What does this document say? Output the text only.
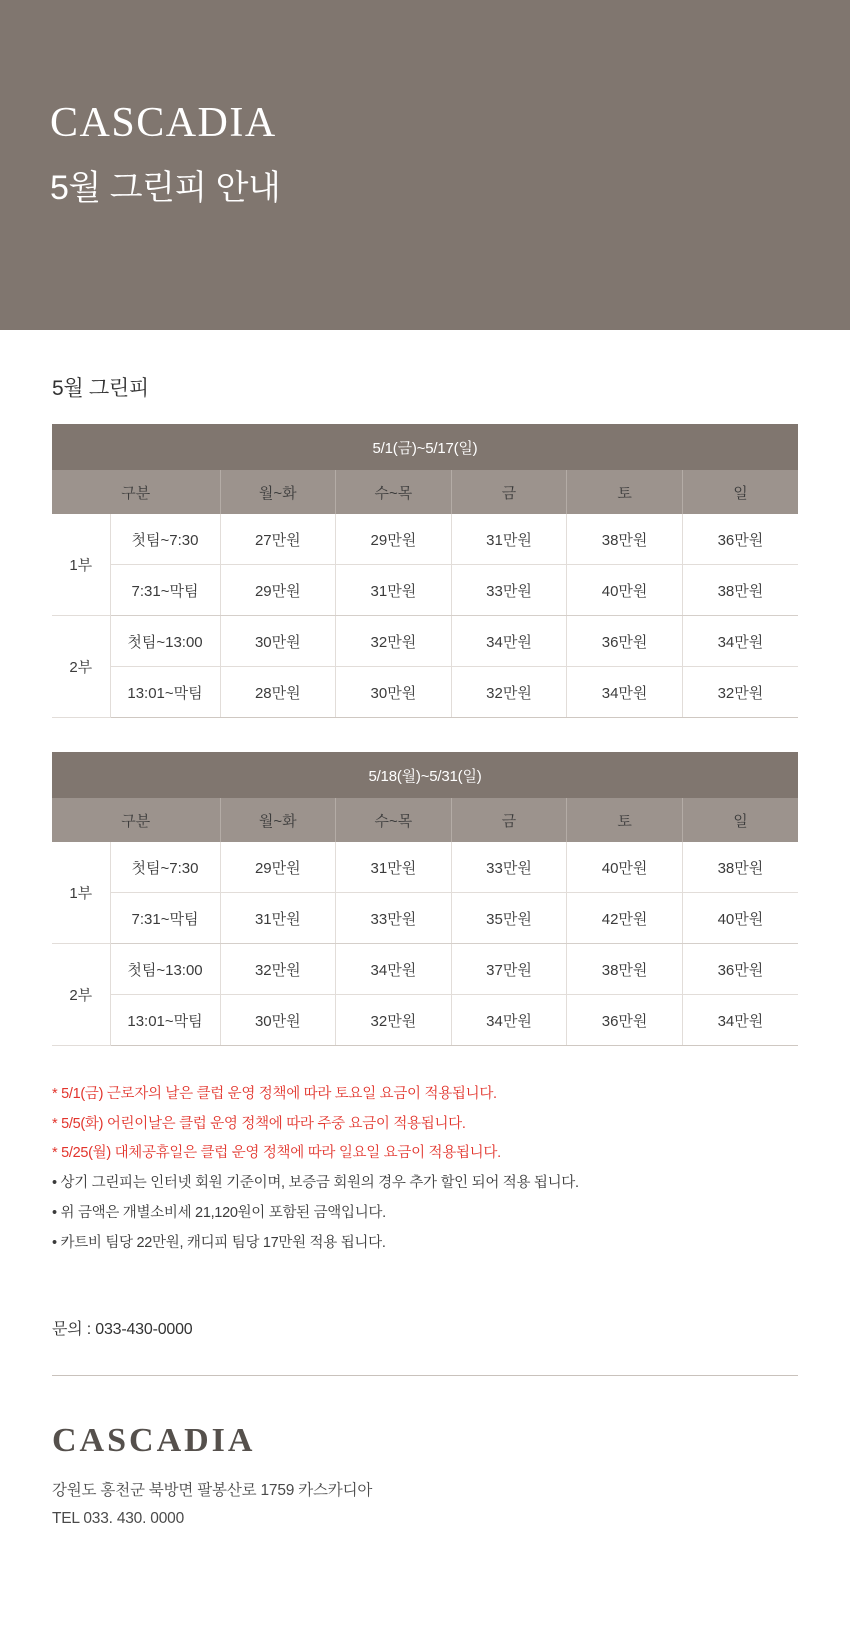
CASCADIA
5월 그린피 안내
5월 그린피
5/1(금)~5/17(일)						
구분		월~화	수~목	금	토	일
1부	첫팀~7:30	27만원	29만원	31만원	38만원	36만원
	7:31~막팀	29만원	31만원	33만원	40만원	38만원
2부	첫팀~13:00	30만원	32만원	34만원	36만원	34만원
	13:01~막팀	28만원	30만원	32만원	34만원	32만원
5/18(월)~5/31(일)						
구분		월~화	수~목	금	토	일
1부	첫팀~7:30	29만원	31만원	33만원	40만원	38만원
	7:31~막팀	31만원	33만원	35만원	42만원	40만원
2부	첫팀~13:00	32만원	34만원	37만원	38만원	36만원
	13:01~막팀	30만원	32만원	34만원	36만원	34만원
* 5/1(금) 근로자의 날은 클럽 운영 정책에 따라 토요일 요금이 적용됩니다.
* 5/5(화) 어린이날은 클럽 운영 정책에 따라 주중 요금이 적용됩니다.
* 5/25(월) 대체공휴일은 클럽 운영 정책에 따라 일요일 요금이 적용됩니다.
• 상기 그린피는 인터넷 회원 기준이며, 보증금 회원의 경우 추가 할인 되어 적용 됩니다.
• 위 금액은 개별소비세 21,120원이 포함된 금액입니다.
• 카트비 팀당 22만원, 캐디피 팀당 17만원 적용 됩니다.
문의 : 033-430-0000
CASCADIA
강원도 홍천군 북방면 팔봉산로 1759 카스카디아
TEL 033. 430. 0000
